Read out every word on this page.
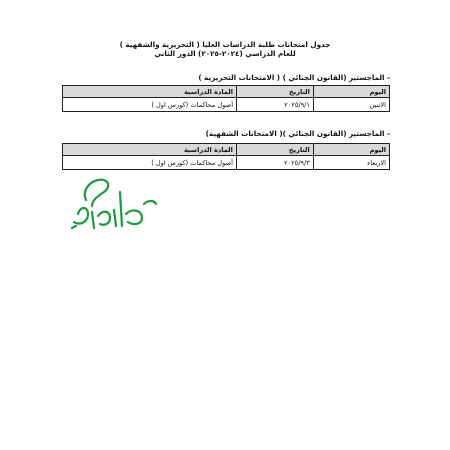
جدول امتحانات طلبة الدراسات العليا ( التحريرية والشفهية )
للعام الدراسي (٢٠٢٤-٢٠٢٥) الدور الثاني
- الماجستير (القانون الجنائي ) ( الامتحانات التحريرية )
اليوم	التاريخ	المادة الدراسية
الاثنين	٢٠٢٥/٩/١	أصول محاكمات (كورس اول )
- الماجستير (القانون الجنائي )( الامتحانات الشفهية)
اليوم	التاريخ	المادة الدراسية
الاربعاء	٢٠٢٥/٩/٣	أصول محاكمات (كورس اول )
